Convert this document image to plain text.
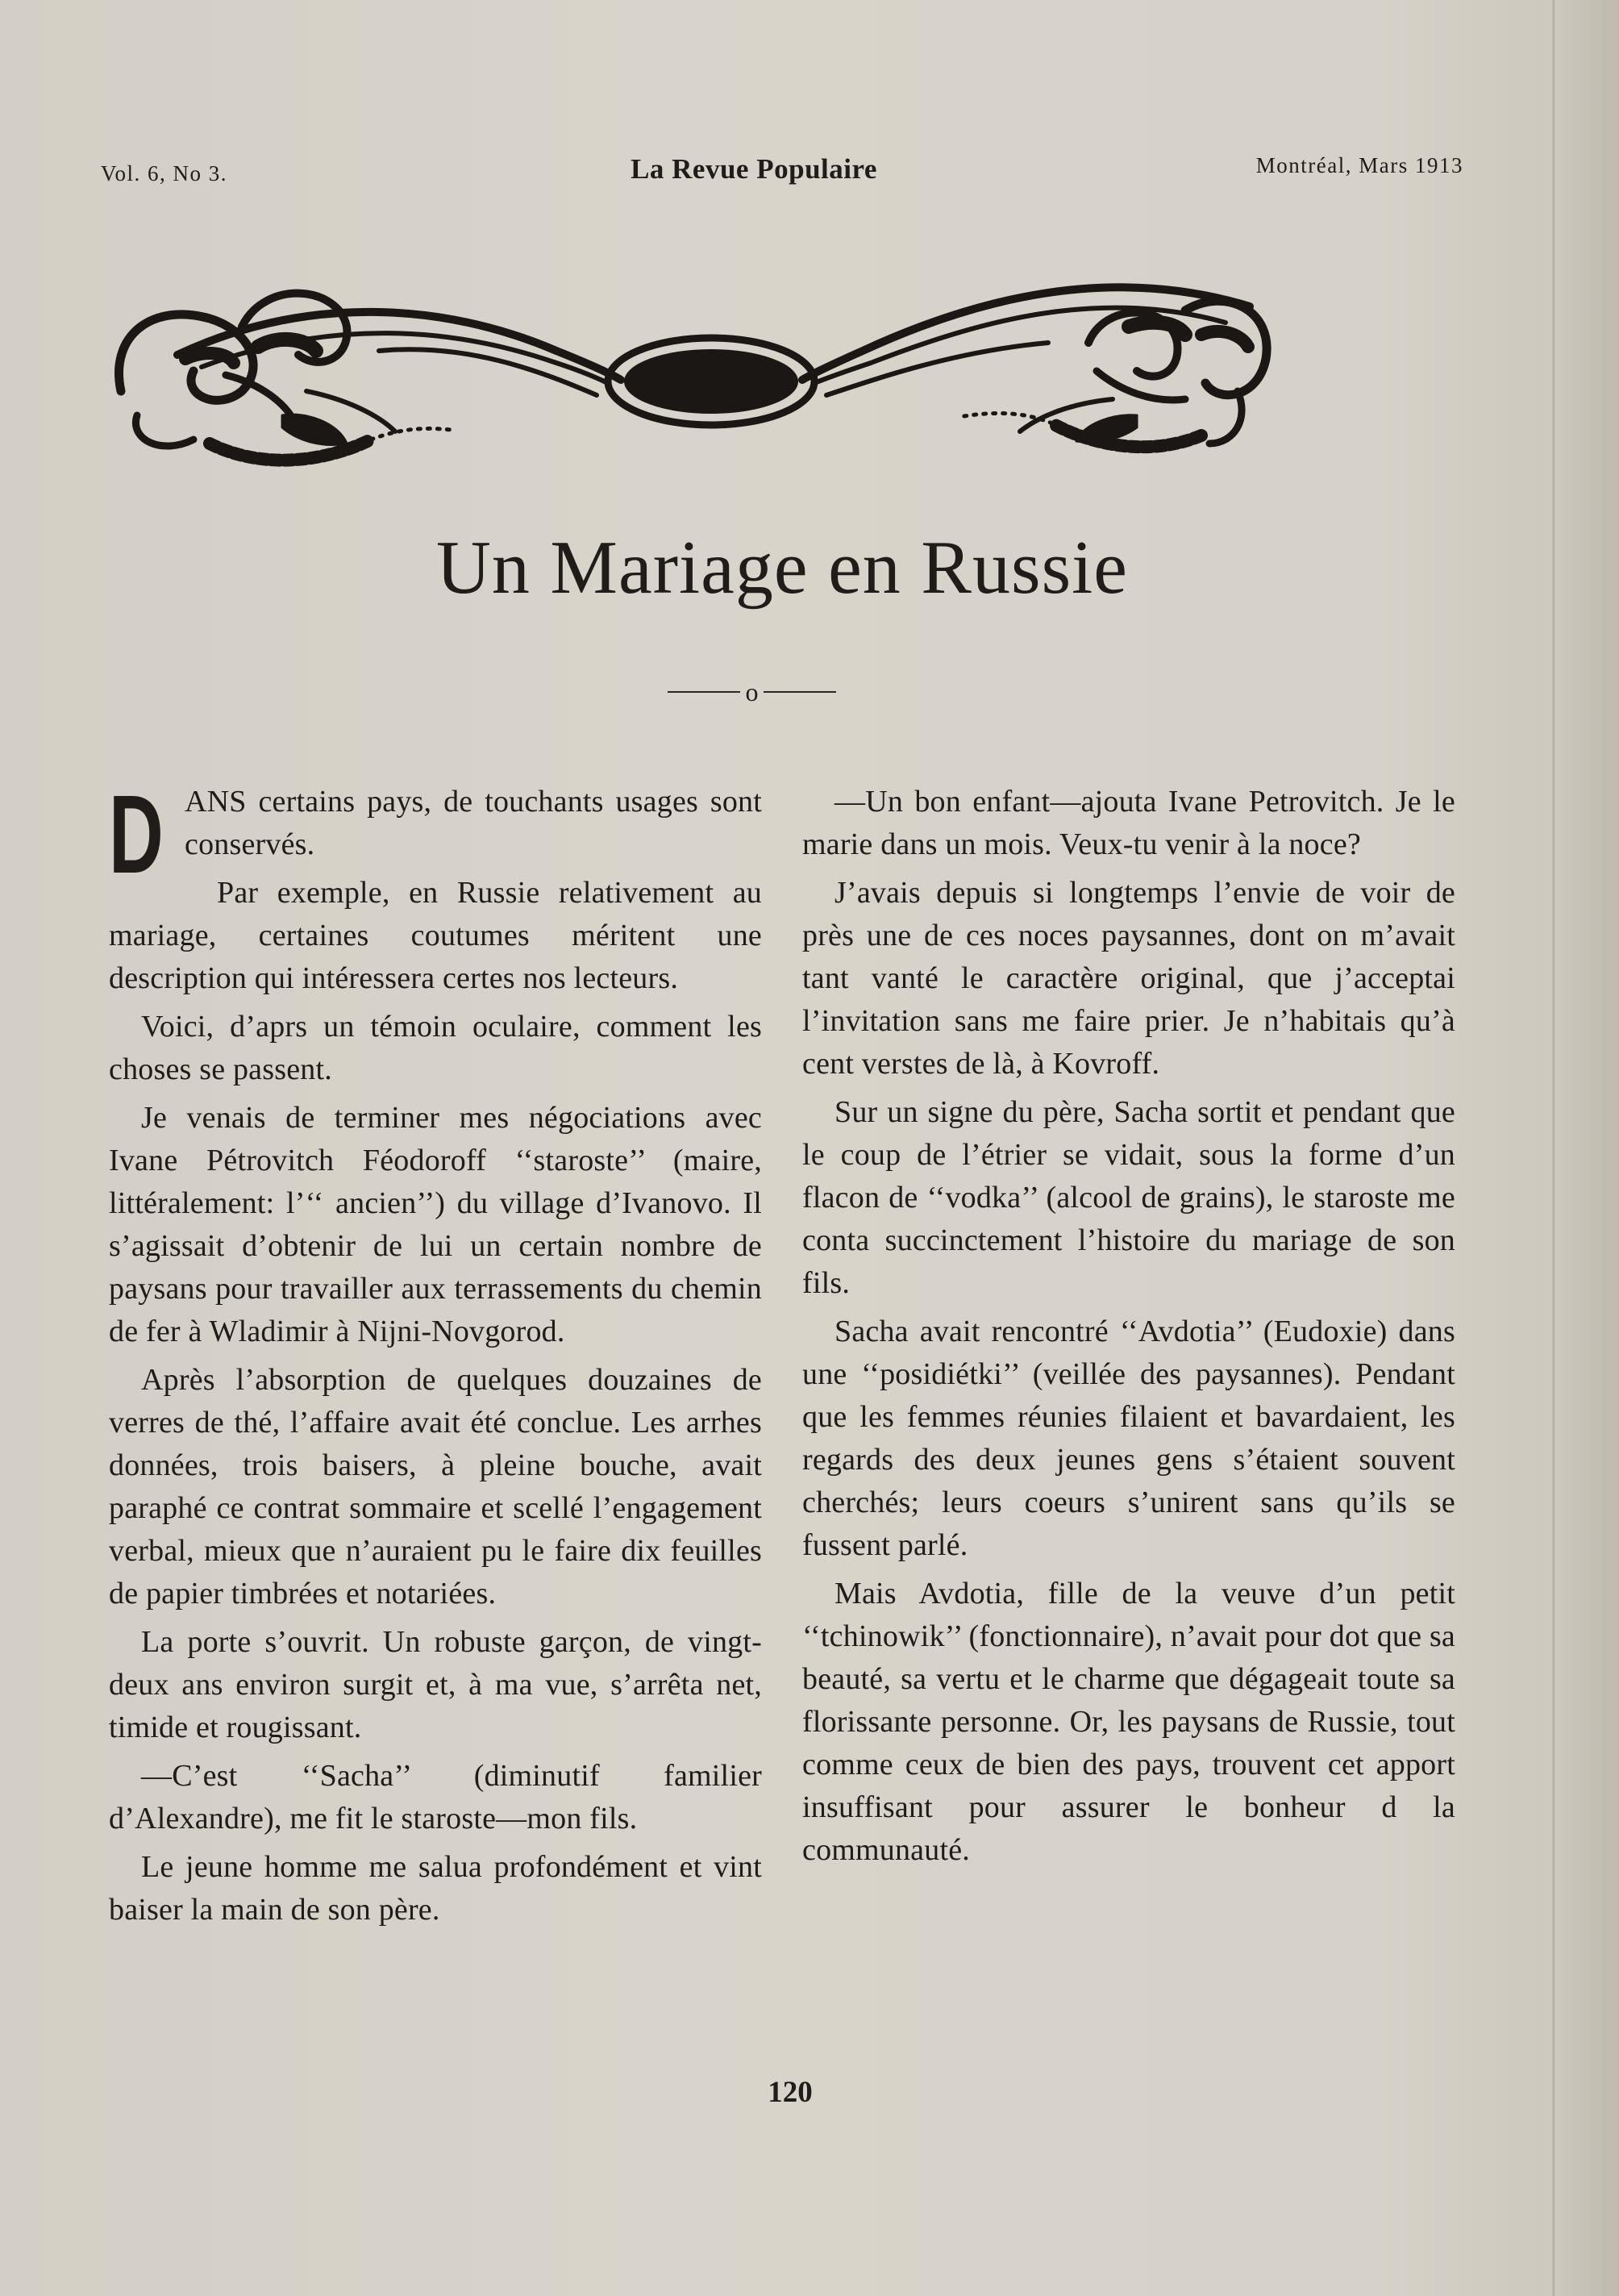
Vol. 6, No 3.	La Revue Populaire	Montréal, Mars 1913
Un Mariage en Russie
o

DANS certains pays, de touchants usages sont conservés.

Par exemple, en Russie relativement au mariage, certaines coutumes méritent une description qui intéressera certes nos lecteurs.

Voici, d’aprs un témoin oculaire, comment les choses se passent.

Je venais de terminer mes négociations avec Ivane Pétrovitch Féodoroff ‘‘staroste’’ (maire, littéralement: l’‘‘ ancien’’) du village d’Ivanovo. Il s’agissait d’obtenir de lui un certain nombre de paysans pour travailler aux terrassements du chemin de fer à Wladimir à Nijni-Novgorod.

Après l’absorption de quelques douzaines de verres de thé, l’affaire avait été conclue. Les arrhes données, trois baisers, à pleine bouche, avait paraphé ce contrat sommaire et scellé l’engagement verbal, mieux que n’auraient pu le faire dix feuilles de papier timbrées et notariées.

La porte s’ouvrit. Un robuste garçon, de vingt-deux ans environ surgit et, à ma vue, s’arrêta net, timide et rougissant.

—C’est ‘‘Sacha’’ (diminutif familier d’Alexandre), me fit le staroste—mon fils.

Le jeune homme me salua profondément et vint baiser la main de son père.

—Un bon enfant—ajouta Ivane Petrovitch. Je le marie dans un mois. Veux-tu venir à la noce?

J’avais depuis si longtemps l’envie de voir de près une de ces noces paysannes, dont on m’avait tant vanté le caractère original, que j’acceptai l’invitation sans me faire prier. Je n’habitais qu’à cent verstes de là, à Kovroff.

Sur un signe du père, Sacha sortit et pendant que le coup de l’étrier se vidait, sous la forme d’un flacon de ‘‘vodka’’ (alcool de grains), le staroste me conta succinctement l’histoire du mariage de son fils.

Sacha avait rencontré ‘‘Avdotia’’ (Eudoxie) dans une ‘‘posidiétki’’ (veillée des paysannes). Pendant que les femmes réunies filaient et bavardaient, les regards des deux jeunes gens s’étaient souvent cherchés; leurs coeurs s’unirent sans qu’ils se fussent parlé.

Mais Avdotia, fille de la veuve d’un petit ‘‘tchinowik’’ (fonctionnaire), n’avait pour dot que sa beauté, sa vertu et le charme que dégageait toute sa florissante personne. Or, les paysans de Russie, tout comme ceux de bien des pays, trouvent cet apport insuffisant pour assurer le bonheur d la communauté.

120
